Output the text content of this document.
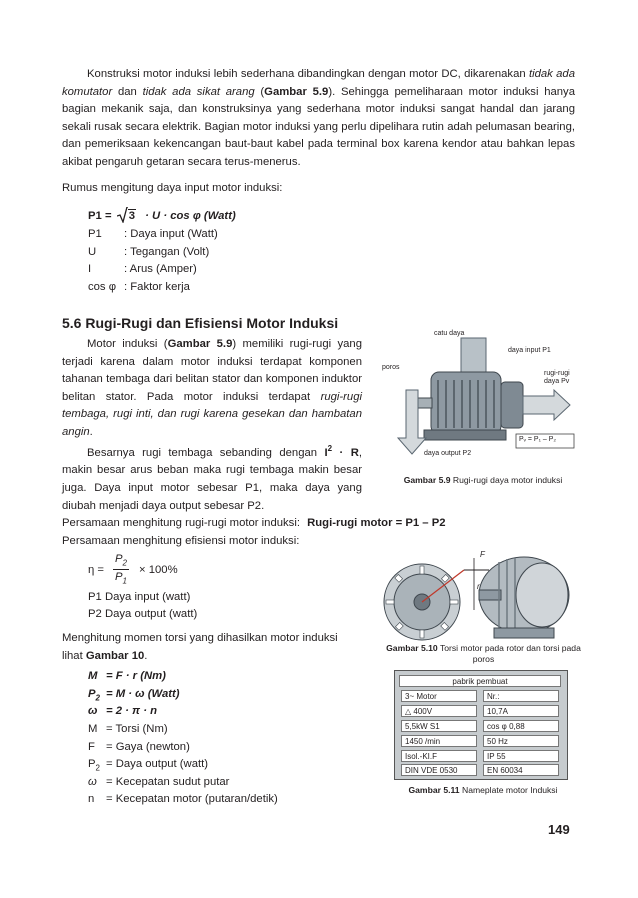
Konstruksi motor induksi lebih sederhana dibandingkan dengan motor DC, dikarenakan tidak ada komutator dan tidak ada sikat arang (Gambar 5.9). Sehingga pemeliharaan motor induksi hanya bagian mekanik saja, dan konstruksinya yang sederhana motor induksi sangat handal dan jarang sekali rusak secara elektrik. Bagian motor induksi yang perlu dipelihara rutin adah pelumasan bearing, dan pemeriksaan kekencangan baut-baut kabel pada terminal box karena kendor atau bahkan lepas akibat pengaruh getaran secara terus-menerus.
Rumus mengitung daya input motor induksi:
P1 = 3 · U · cos φ (Watt)
P1	: Daya input (Watt)
U	: Tegangan (Volt)
I	: Arus (Amper)
cos φ : Faktor kerja
5.6 Rugi-Rugi dan Efisiensi Motor Induksi
Motor induksi (Gambar 5.9) memiliki rugi-rugi yang terjadi karena dalam motor induksi terdapat komponen tahanan tembaga dari belitan stator dan komponen induktor belitan stator. Pada motor induksi terdapat rugi-rugi tembaga, rugi inti, dan rugi karena gesekan dan hambatan angin.
Besarnya rugi tembaga sebanding dengan $I^2 \cdot R$, makin besar arus beban maka rugi tembaga makin besar juga. Daya input motor sebesar P1, maka daya yang diubah menjadi daya output sebesar P2.
Persamaan menghitung rugi-rugi motor induksi: Rugi-rugi motor = P1 – P2
Persamaan menghitung efisiensi motor induksi:
η =
$P_2$
$P_1$
× 100%
P1 Daya input (watt)
P2 Daya output (watt)
Menghitung momen torsi yang dihasilkan motor induksi lihat Gambar 10.
M = F · r (Nm)
$P_2 = M \cdot \omega$ (Watt)
ω = 2 · π · n
M = Torsi (Nm)
F = Gaya (newton)
$P_2$ = Daya output (watt)
ω = Kecepatan sudut putar
n	= Kecepatan motor (putaran/detik)
catu daya
poros
daya input P1
rugi-rugi
daya Pv
daya output P2
Pᵥ = P₁ – P₂
Gambar 5.9 Rugi-rugi daya motor induksi
F
r
Gambar 5.10 Torsi motor pada rotor dan torsi pada poros
pabrik pembuat
3~ Motor	Nr.:
△ 400V	10,7A
5,5kW S1	cos φ 0,88
1450 /min	50 Hz
Isol.-KI.F	IP 55
DIN VDE 0530	EN 60034
Gambar 5.11 Nameplate motor Induksi
149
